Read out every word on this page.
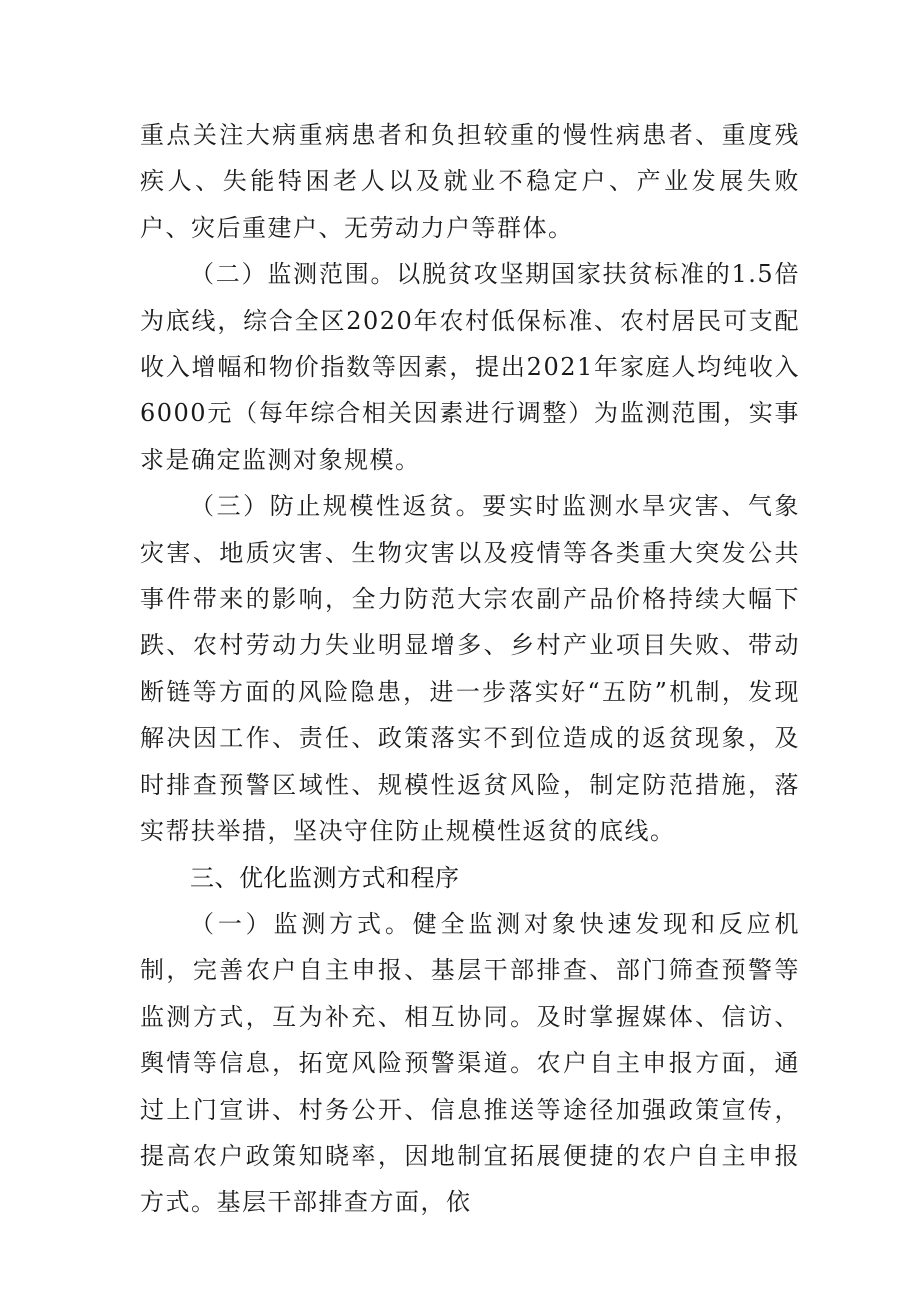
重点关注大病重病患者和负担较重的慢性病患者、重度残疾人、失能特困老人以及就业不稳定户、产业发展失败户、灾后重建户、无劳动力户等群体。

（二）监测范围。以脱贫攻坚期国家扶贫标准的1.5倍为底线，综合全区2020年农村低保标准、农村居民可支配收入增幅和物价指数等因素，提出2021年家庭人均纯收入6000元（每年综合相关因素进行调整）为监测范围，实事求是确定监测对象规模。

（三）防止规模性返贫。要实时监测水旱灾害、气象灾害、地质灾害、生物灾害以及疫情等各类重大突发公共事件带来的影响，全力防范大宗农副产品价格持续大幅下跌、农村劳动力失业明显增多、乡村产业项目失败、带动断链等方面的风险隐患，进一步落实好“五防”机制，发现解决因工作、责任、政策落实不到位造成的返贫现象，及时排查预警区域性、规模性返贫风险，制定防范措施，落实帮扶举措，坚决守住防止规模性返贫的底线。

三、优化监测方式和程序

（一）监测方式。健全监测对象快速发现和反应机制，完善农户自主申报、基层干部排查、部门筛查预警等监测方式，互为补充、相互协同。及时掌握媒体、信访、舆情等信息，拓宽风险预警渠道。农户自主申报方面，通过上门宣讲、村务公开、信息推送等途径加强政策宣传，提高农户政策知晓率，因地制宜拓展便捷的农户自主申报方式。基层干部排查方面，依
